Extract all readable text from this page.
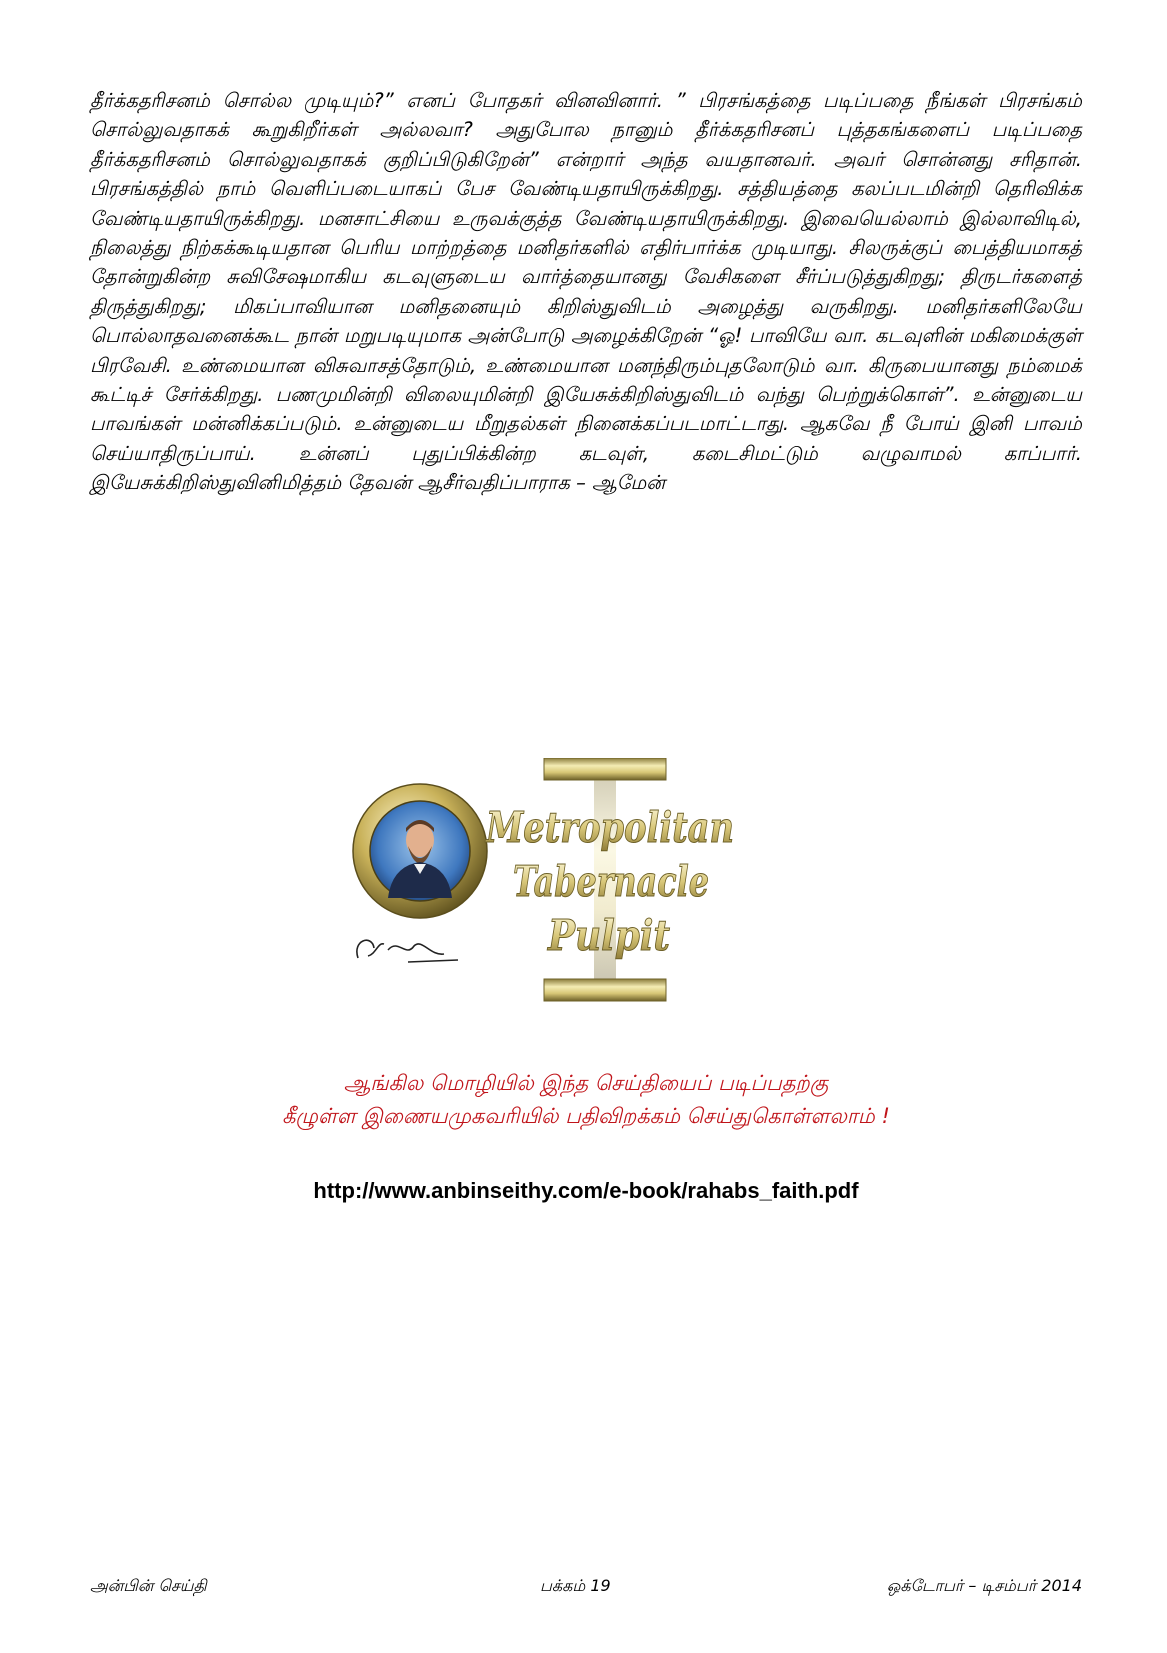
தீர்க்கதரிசனம் சொல்ல முடியும்?” எனப் போதகர் வினவினார். ” பிரசங்கத்தை படிப்பதை நீங்கள் பிரசங்கம் சொல்லுவதாகக் கூறுகிறீர்கள் அல்லவா? அதுபோல நானும் தீர்க்கதரிசனப் புத்தகங்களைப் படிப்பதை தீர்க்கதரிசனம் சொல்லுவதாகக் குறிப்பிடுகிறேன்” என்றார் அந்த வயதானவர். அவர் சொன்னது சரிதான். பிரசங்கத்தில் நாம் வெளிப்படையாகப் பேச வேண்டியதாயிருக்கிறது. சத்தியத்தை கலப்படமின்றி தெரிவிக்க வேண்டியதாயிருக்கிறது. மனசாட்சியை உருவக்குத்த வேண்டியதாயிருக்கிறது. இவையெல்லாம் இல்லாவிடில், நிலைத்து நிற்கக்கூடியதான பெரிய மாற்றத்தை மனிதர்களில் எதிர்பார்க்க முடியாது. சிலருக்குப் பைத்தியமாகத் தோன்றுகின்ற சுவிசேஷமாகிய கடவுளுடைய வார்த்தையானது வேசிகளை சீர்ப்படுத்துகிறது; திருடர்களைத் திருத்துகிறது; மிகப்பாவியான மனிதனையும் கிறிஸ்துவிடம் அழைத்து வருகிறது. மனிதர்களிலேயே பொல்லாதவனைக்கூட நான் மறுபடியுமாக அன்போடு அழைக்கிறேன் “ஓ! பாவியே வா. கடவுளின் மகிமைக்குள் பிரவேசி. உண்மையான விசுவாசத்தோடும், உண்மையான மனந்திரும்புதலோடும் வா. கிருபையானது நம்மைக் கூட்டிச் சேர்க்கிறது. பணமுமின்றி விலையுமின்றி இயேசுக்கிறிஸ்துவிடம் வந்து பெற்றுக்கொள்”. உன்னுடைய பாவங்கள் மன்னிக்கப்படும். உன்னுடைய மீறுதல்கள் நினைக்கப்படமாட்டாது. ஆகவே நீ போய் இனி பாவம் செய்யாதிருப்பாய். உன்னப் புதுப்பிக்கின்ற கடவுள், கடைசிமட்டும் வழுவாமல் காப்பார். இயேசுக்கிறிஸ்துவினிமித்தம் தேவன் ஆசீர்வதிப்பாராக – ஆமேன்

Metropolitan
Tabernacle
Pulpit
ஆங்கில மொழியில் இந்த செய்தியைப் படிப்பதற்கு
கீழுள்ள இணையமுகவரியில் பதிவிறக்கம் செய்துகொள்ளலாம் !
http://www.anbinseithy.com/e-book/rahabs_faith.pdf
அன்பின் செய்தி	பக்கம் 19	ஒக்டோபர் – டிசம்பர் 2014
